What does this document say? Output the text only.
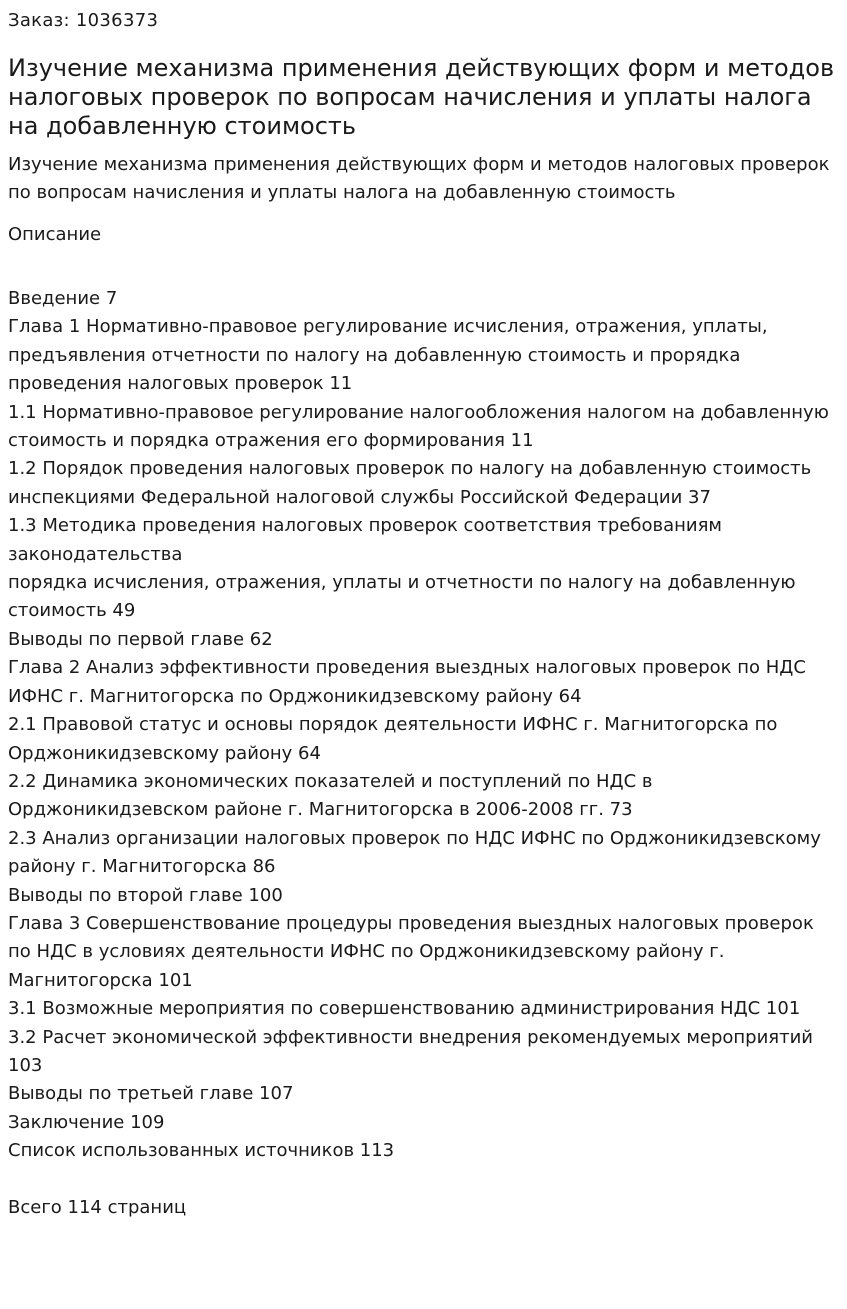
Заказ: 1036373
Изучение механизма применения действующих форм и методов налоговых проверок по вопросам начисления и уплаты налога на добавленную стоимость
Изучение механизма применения действующих форм и методов налоговых проверок по вопросам начисления и уплаты налога на добавленную стоимость
Описание
Введение 7
Глава 1 Нормативно-правовое регулирование исчисления, отражения, уплаты, предъявления отчетности по налогу на добавленную стоимость и прорядка проведения налоговых проверок 11
1.1 Нормативно-правовое регулирование налогообложения налогом на добавленную стоимость и порядка отражения его формирования 11
1.2 Порядок проведения налоговых проверок по налогу на добавленную стоимость инспекциями Федеральной налоговой службы Российской Федерации 37
1.3 Методика проведения налоговых проверок соответствия требованиям законодательства
порядка исчисления, отражения, уплаты и отчетности по налогу на добавленную стоимость 49
Выводы по первой главе 62
Глава 2 Анализ эффективности проведения выездных налоговых проверок по НДС ИФНС г. Магнитогорска по Орджоникидзевскому району 64
2.1 Правовой статус и основы порядок деятельности ИФНС г. Магнитогорска по Орджоникидзевскому району 64
2.2 Динамика экономических показателей и поступлений по НДС в Орджоникидзевском районе г. Магнитогорска в 2006-2008 гг. 73
2.3 Анализ организации налоговых проверок по НДС ИФНС по Орджоникидзевскому району г. Магнитогорска 86
Выводы по второй главе 100
Глава 3 Совершенствование процедуры проведения выездных налоговых проверок по НДС в условиях деятельности ИФНС по Орджоникидзевскому району г. Магнитогорска 101
3.1 Возможные мероприятия по совершенствованию администрирования НДС 101
3.2 Расчет экономической эффективности внедрения рекомендуемых мероприятий 103
Выводы по третьей главе 107
Заключение 109
Список использованных источников 113
Всего 114 страниц
